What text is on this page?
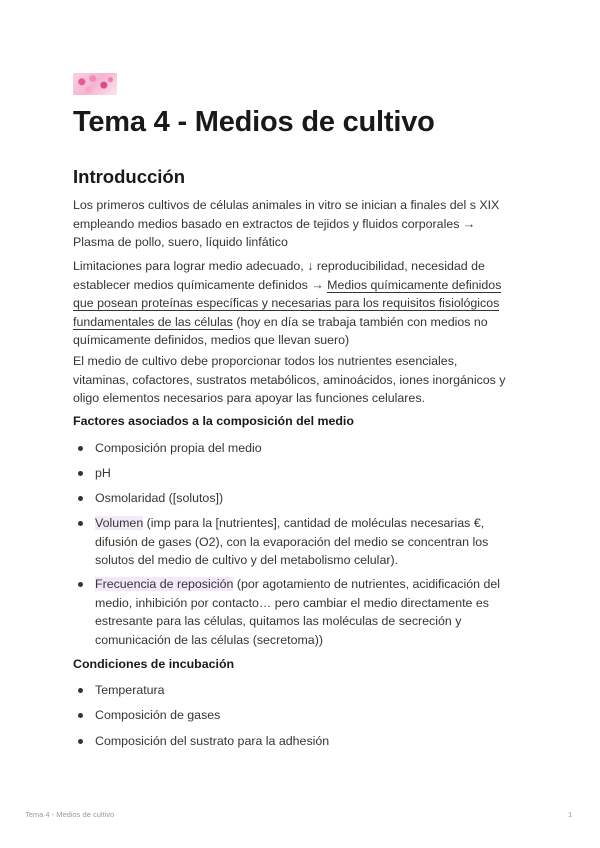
Tema 4 - Medios de cultivo
Introducción

Los primeros cultivos de células animales in vitro se inician a finales del s XIX
empleando medios basado en extractos de tejidos y fluidos corporales →
Plasma de pollo, suero, líquido linfático

Limitaciones para lograr medio adecuado, ↓ reproducibilidad, necesidad de
establecer medios químicamente definidos → Medios químicamente definidos
que posean proteínas específicas y necesarias para los requisitos fisiológicos
fundamentales de las células (hoy en día se trabaja también con medios no
químicamente definidos, medios que llevan suero)

El medio de cultivo debe proporcionar todos los nutrientes esenciales,
vitaminas, cofactores, sustratos metabólicos, aminoácidos, iones inorgánicos y
oligo elementos necesarios para apoyar las funciones celulares.

Factores asociados a la composición del medio
Composición propia del medio
pH
Osmolaridad ([solutos])
Volumen (imp para la [nutrientes], cantidad de moléculas necesarias €,
difusión de gases (O2), con la evaporación del medio se concentran los
solutos del medio de cultivo y del metabolismo celular).
Frecuencia de reposición (por agotamiento de nutrientes, acidificación del
medio, inhibición por contacto… pero cambiar el medio directamente es
estresante para las células, quitamos las moléculas de secreción y
comunicación de las células (secretoma))
Condiciones de incubación
Temperatura
Composición de gases
Composición del sustrato para la adhesión
Tema 4 - Medios de cultivo	1
